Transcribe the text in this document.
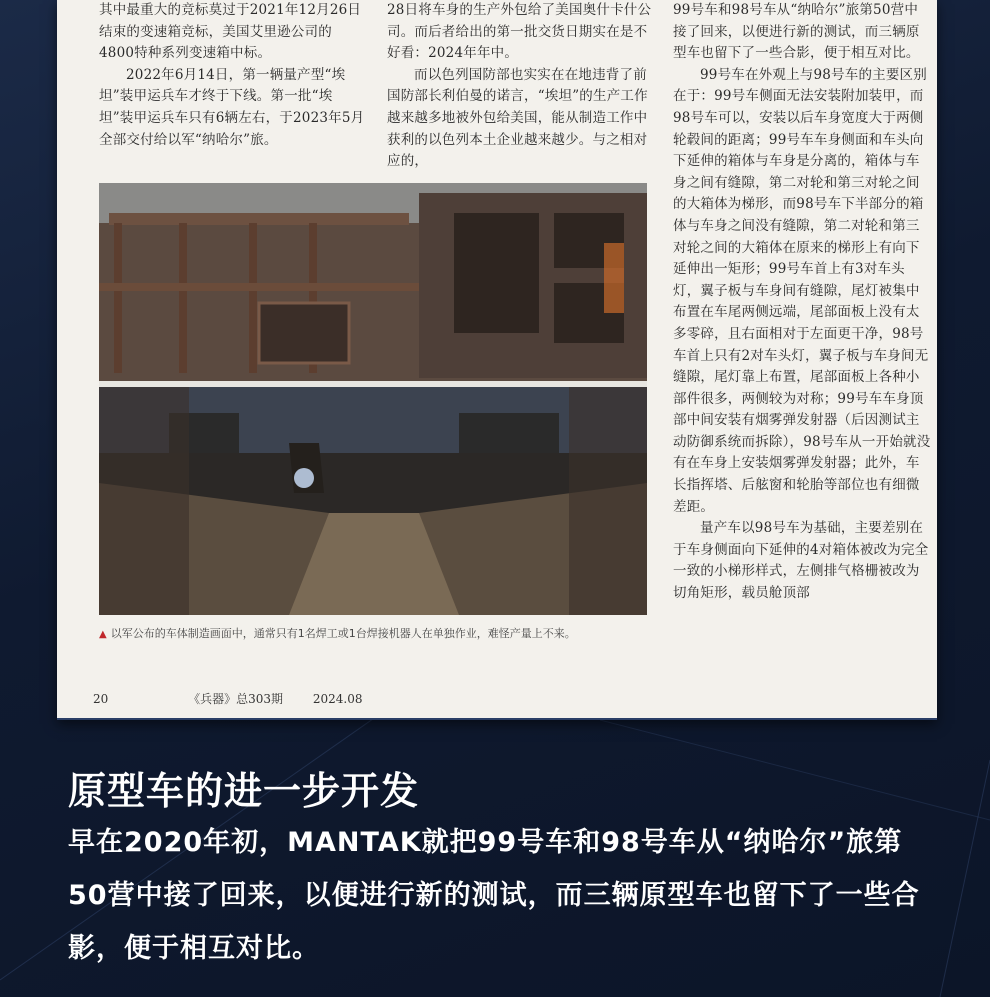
其中最重大的竞标莫过于2021年12月26日结束的变速箱竞标，美国艾里逊公司的4800特种系列变速箱中标。

2022年6月14日，第一辆量产型“埃坦”装甲运兵车才终于下线。第一批“埃坦”装甲运兵车只有6辆左右，于2023年5月全部交付给以军“纳哈尔”旅。

28日将车身的生产外包给了美国奥什卡什公司。而后者给出的第一批交货日期实在是不好看：2024年年中。

而以色列国防部也实实在在地违背了前国防部长利伯曼的诺言，“埃坦”的生产工作越来越多地被外包给美国，能从制造工作中获利的以色列本土企业越来越少。与之相对应的，

99号车和98号车从“纳哈尔”旅第50营中接了回来，以便进行新的测试，而三辆原型车也留下了一些合影，便于相互对比。

99号车在外观上与98号车的主要区别在于：99号车侧面无法安装附加装甲，而98号车可以，安装以后车身宽度大于两侧轮毂间的距离；99号车车身侧面和车头向下延伸的箱体与车身是分离的，箱体与车身之间有缝隙，第二对轮和第三对轮之间的大箱体为梯形，而98号车下半部分的箱体与车身之间没有缝隙，第二对轮和第三对轮之间的大箱体在原来的梯形上有向下延伸出一矩形；99号车首上有3对车头灯，翼子板与车身间有缝隙，尾灯被集中布置在车尾两侧远端，尾部面板上没有太多零碎，且右面相对于左面更干净，98号车首上只有2对车头灯，翼子板与车身间无缝隙，尾灯靠上布置，尾部面板上各种小部件很多，两侧较为对称；99号车车身顶部中间安装有烟雾弹发射器（后因测试主动防御系统而拆除），98号车从一开始就没有在车身上安装烟雾弹发射器；此外，车长指挥塔、后舷窗和轮胎等部位也有细微差距。

量产车以98号车为基础，主要差别在于车身侧面向下延伸的4对箱体被改为完全一致的小梯形样式，左侧排气格栅被改为切角矩形，载员舱顶部

▲ 以军公布的车体制造画面中，通常只有1名焊工或1台焊接机器人在单独作业，难怪产量上不来。
20	《兵器》总303期 2024.08
原型车的进一步开发
早在2020年初，MANTAK就把99号车和98号车从“纳哈尔”旅第50营中接了回来，以便进行新的测试，而三辆原型车也留下了一些合影，便于相互对比。
